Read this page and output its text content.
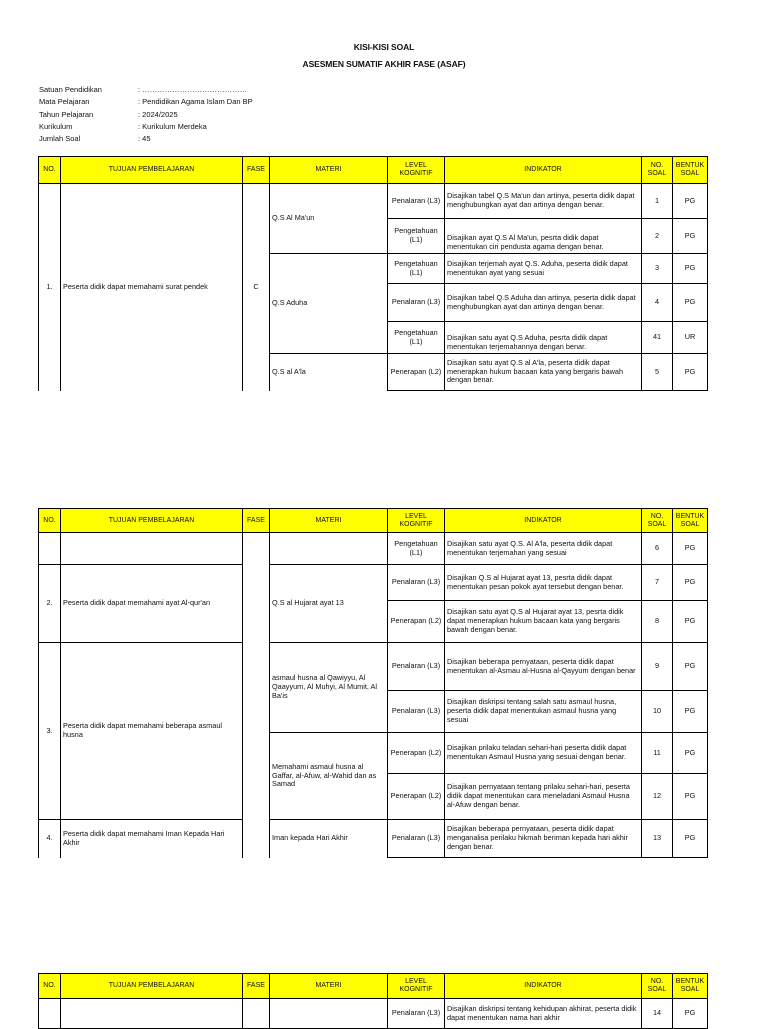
KISI-KISI SOAL
ASESMEN SUMATIF AKHIR FASE (ASAF)
Satuan Pendidikan	: ……………………………………
Mata Pelajaran	: Pendidikan Agama Islam Dan BP
Tahun Pelajaran	: 2024/2025
Kurikulum	: Kurikulum Merdeka
Jumlah Soal	: 45
NO.	TUJUAN PEMBELAJARAN	FASE	MATERI	LEVEL KOGNITIF	INDIKATOR	NO. SOAL	BENTUK SOAL
1.	Peserta didik dapat memahami surat pendek	C	Q.S Al Ma'un	Penalaran (L3)	Disajikan tabel Q.S Ma'un dan artinya, peserta didik dapat menghubungkan ayat dan artinya dengan benar.	1	PG
				Pengetahuan (L1)	Disajikan ayat Q.S Al Ma'un, pesrta didik dapat menentukan ciri pendusta agama dengan benar.	2	PG
			Q.S Aduha	Pengetahuan (L1)	Disajikan terjemah ayat Q.S. Aduha, peserta didik dapat menentukan ayat yang sesuai	3	PG
				Penalaran (L3)	Disajikan tabel Q.S Aduha dan artinya, peserta didik dapat menghubungkan ayat dan artinya dengan benar.	4	PG
				Pengetahuan (L1)	Disajikan satu ayat Q.S Aduha, pesrta didik dapat menentukan terjemahannya dengan benar.	41	UR
			Q.S al A'la	Penerapan (L2)	Disajikan satu ayat Q.S al A'la, peserta didik dapat menerapkan hukum bacaan kata yang bergaris bawah dengan benar.	5	PG
NO.	TUJUAN PEMBELAJARAN	FASE	MATERI	LEVEL KOGNITIF	INDIKATOR	NO. SOAL	BENTUK SOAL
				Pengetahuan (L1)	Disajikan satu ayat Q.S. Al A'la, peserta didik dapat menentukan terjemahan yang sesuai	6	PG
2.	Peserta didik dapat memahami ayat Al-qur'an		Q.S al Hujarat ayat 13	Penalaran (L3)	Disajikan Q.S al Hujarat ayat 13, pesrta didik dapat menentukan pesan pokok ayat tersebut dengan benar.	7	PG
				Penerapan (L2)	Disajikan satu ayat Q.S al Hujarat ayat 13, pesrta didik dapat menerapkan hukum bacaan kata yang bergaris bawah dengan benar.	8	PG
3.	Peserta didik dapat memahami beberapa asmaul husna		asmaul husna al Qawiyyu, Al Qaayyum, Al Muhyi, Al Mumit, Al Ba'is	Penalaran (L3)	Disajikan beberapa pernyataan, peserta didik dapat menentukan al-Asmau al-Husna al-Qayyum dengan benar	9	PG
				Penalaran (L3)	Disajikan diskripsi tentang salah satu asmaul husna, peserta didik dapat menentukan asmaul husna yang sesuai	10	PG
			Memahami asmaul husna al Gaffar, al-Afuw, al-Wahid dan as Samad	Penerapan (L2)	Disajikan prilaku teladan sehari-hari peserta didik dapat menentukan Asmaul Husna yang sesuai dengan benar.	11	PG
				Penerapan (L2)	Disajikan pernyataan tentang prilaku sehari-hari, peserta didik dapat menentukan cara meneladani Asmaul Husna al-Afuw dengan benar.	12	PG
4.	Peserta didik dapat memahami Iman Kepada Hari Akhir		Iman kepada Hari Akhir	Penalaran (L3)	Disajikan beberapa pernyataan, peserta didik dapat menganalisa perilaku hikmah beriman kepada hari akhir dengan benar.	13	PG
NO.	TUJUAN PEMBELAJARAN	FASE	MATERI	LEVEL KOGNITIF	INDIKATOR	NO. SOAL	BENTUK SOAL
				Penalaran (L3)	Disajikan diskripsi tentang kehidupan akhirat, peserta didik dapat menentukan nama hari akhir	14	PG
